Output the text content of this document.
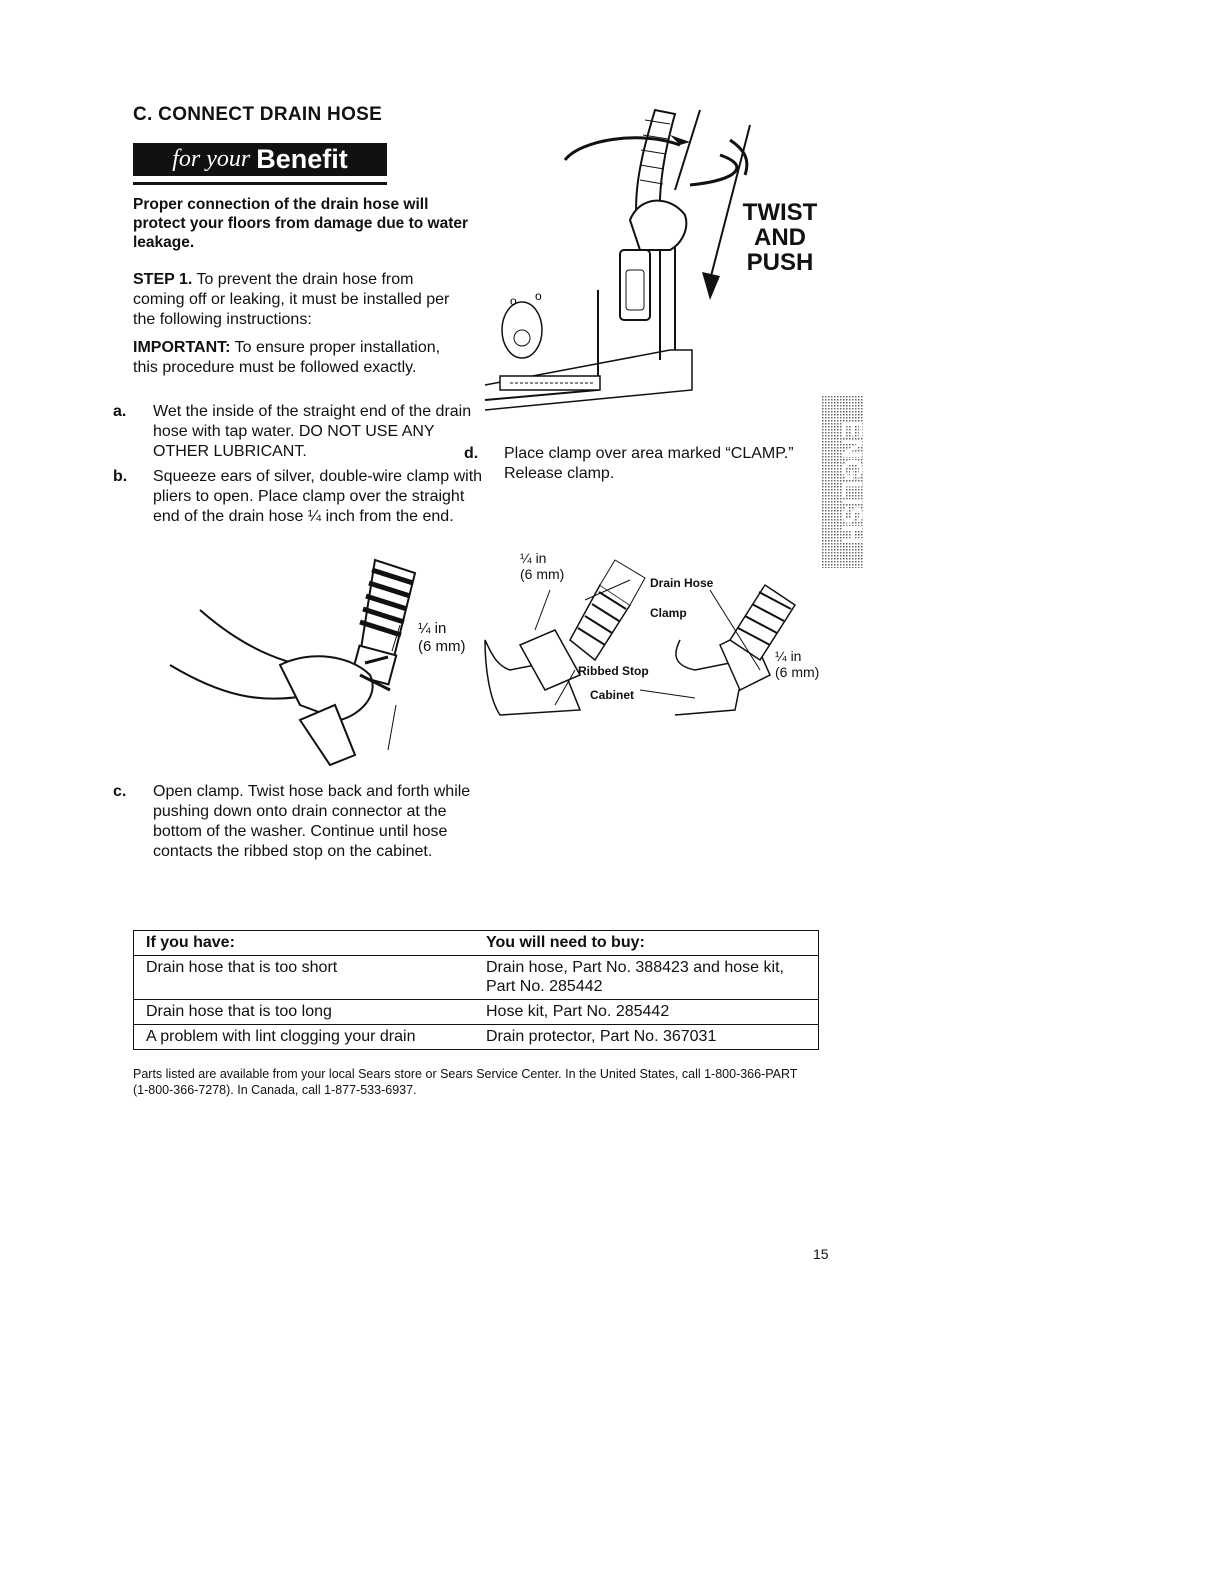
C. CONNECT DRAIN HOSE
for your Benefit
Proper connection of the drain hose will protect your floors from damage due to water leakage.
STEP 1. To prevent the drain hose from coming off or leaking, it must be installed per the following instructions:
IMPORTANT: To ensure proper installation, this procedure must be followed exactly.
a. Wet the inside of the straight end of the drain hose with tap water. DO NOT USE ANY OTHER LUBRICANT.
b. Squeeze ears of silver, double-wire clamp with pliers to open. Place clamp over the straight end of the drain hose ¼ inch from the end.
c. Open clamp. Twist hose back and forth while pushing down onto drain connector at the bottom of the washer. Continue until hose contacts the ribbed stop on the cabinet.
d. Place clamp over area marked “CLAMP.” Release clamp.
o o
TWIST
AND
PUSH
¼ in
(6 mm)
¼ in
(6 mm)
Drain Hose
Clamp
Ribbed Stop
Cabinet
¼ in
(6 mm)
ENGLISH
If you have:	You will need to buy:
Drain hose that is too short	Drain hose, Part No. 388423 and hose kit, Part No. 285442
Drain hose that is too long	Hose kit, Part No. 285442
A problem with lint clogging your drain	Drain protector, Part No. 367031
Parts listed are available from your local Sears store or Sears Service Center. In the United States, call 1-800-366-PART (1-800-366-7278). In Canada, call 1-877-533-6937.
15
